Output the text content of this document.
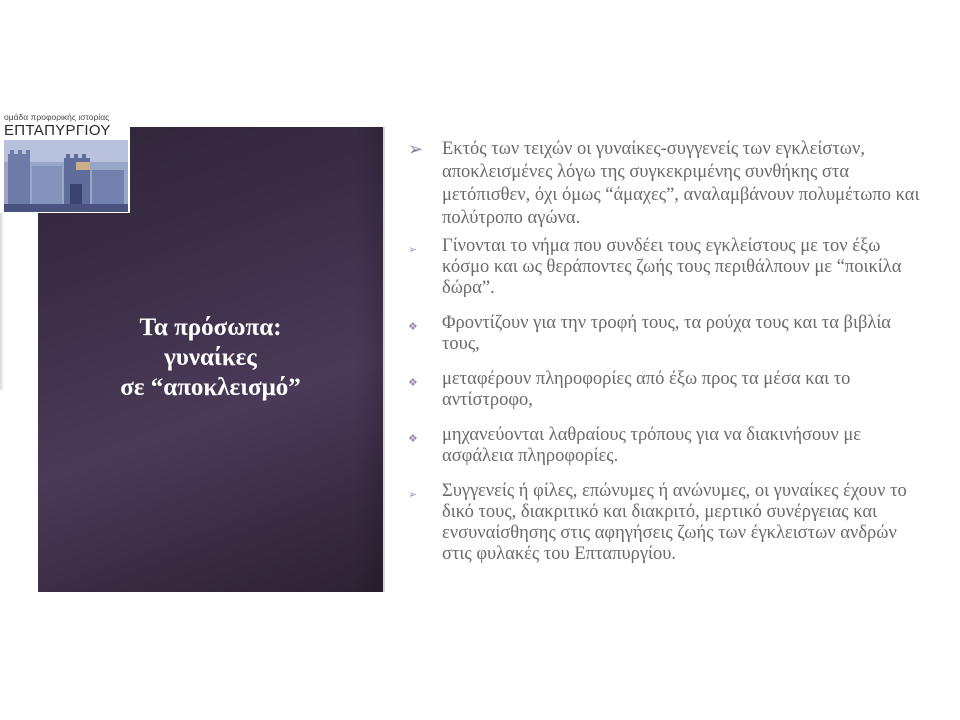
Τα πρόσωπα:
γυναίκες
σε “αποκλεισμό”
ομάδα προφορικής ιστορίας
ΕΠΤΑΠΥΡΓΙΟΥ

➢	Εκτός των τειχών οι γυναίκες-συγγενείς των εγκλείστων, αποκλεισμένες λόγω της συγκεκριμένης συνθήκης στα μετόπισθεν, όχι όμως “άμαχες”, αναλαμβάνουν πολυμέτωπο και πολύτροπο αγώνα.

➢	Γίνονται το νήμα που συνδέει τους εγκλείστους με τον έξω κόσμο και ως θεράποντες ζωής τους περιθάλπουν με “ποικίλα δώρα”.

❖	Φροντίζουν για την τροφή τους, τα ρούχα τους και τα βιβλία τους,

❖	μεταφέρουν πληροφορίες από έξω προς τα μέσα και το αντίστροφο,

❖	μηχανεύονται λαθραίους τρόπους για να διακινήσουν με ασφάλεια πληροφορίες.

➢	Συγγενείς ή φίλες, επώνυμες ή ανώνυμες, οι γυναίκες έχουν το δικό τους, διακριτικό και διακριτό, μερτικό συνέργειας και ενσυναίσθησης στις αφηγήσεις ζωής των έγκλειστων ανδρών στις φυλακές του Επταπυργίου.
